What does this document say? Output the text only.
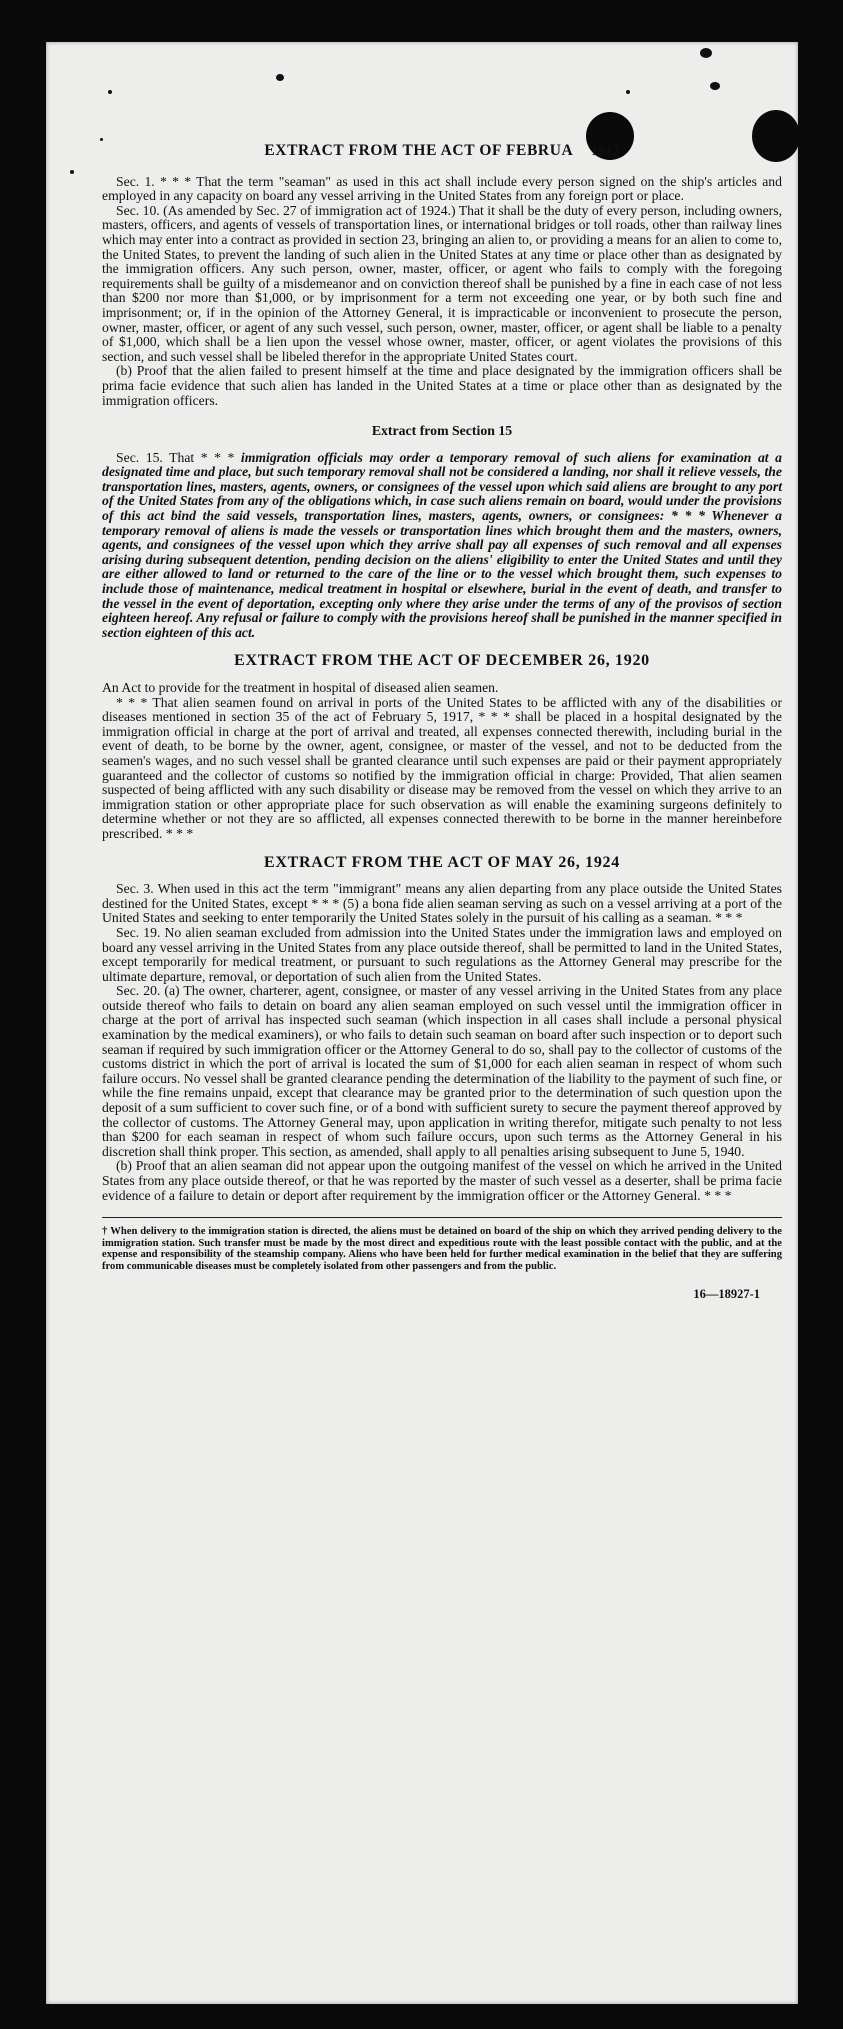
EXTRACT FROM THE ACT OF FEBRUA 1917

Sec. 1. * * * That the term "seaman" as used in this act shall include every person signed on the ship's articles and employed in any capacity on board any vessel arriving in the United States from any foreign port or place.

Sec. 10. (As amended by Sec. 27 of immigration act of 1924.) That it shall be the duty of every person, including owners, masters, officers, and agents of vessels of transportation lines, or international bridges or toll roads, other than railway lines which may enter into a contract as provided in section 23, bringing an alien to, or providing a means for an alien to come to, the United States, to prevent the landing of such alien in the United States at any time or place other than as designated by the immigration officers. Any such person, owner, master, officer, or agent who fails to comply with the foregoing requirements shall be guilty of a misdemeanor and on conviction thereof shall be punished by a fine in each case of not less than $200 nor more than $1,000, or by imprisonment for a term not exceeding one year, or by both such fine and imprisonment; or, if in the opinion of the Attorney General, it is impracticable or inconvenient to prosecute the person, owner, master, officer, or agent of any such vessel, such person, owner, master, officer, or agent shall be liable to a penalty of $1,000, which shall be a lien upon the vessel whose owner, master, officer, or agent violates the provisions of this section, and such vessel shall be libeled therefor in the appropriate United States court.

(b) Proof that the alien failed to present himself at the time and place designated by the immigration officers shall be prima facie evidence that such alien has landed in the United States at a time or place other than as designated by the immigration officers.

Extract from Section 15

Sec. 15. That * * * immigration officials may order a temporary removal of such aliens for examination at a designated time and place, but such temporary removal shall not be considered a landing, nor shall it relieve vessels, the transportation lines, masters, agents, owners, or consignees of the vessel upon which said aliens are brought to any port of the United States from any of the obligations which, in case such aliens remain on board, would under the provisions of this act bind the said vessels, transportation lines, masters, agents, owners, or consignees: * * * Whenever a temporary removal of aliens is made the vessels or transportation lines which brought them and the masters, owners, agents, and consignees of the vessel upon which they arrive shall pay all expenses of such removal and all expenses arising during subsequent detention, pending decision on the aliens' eligibility to enter the United States and until they are either allowed to land or returned to the care of the line or to the vessel which brought them, such expenses to include those of maintenance, medical treatment in hospital or elsewhere, burial in the event of death, and transfer to the vessel in the event of deportation, excepting only where they arise under the terms of any of the provisos of section eighteen hereof. Any refusal or failure to comply with the provisions hereof shall be punished in the manner specified in section eighteen of this act.

EXTRACT FROM THE ACT OF DECEMBER 26, 1920

An Act to provide for the treatment in hospital of diseased alien seamen.

* * * That alien seamen found on arrival in ports of the United States to be afflicted with any of the disabilities or diseases mentioned in section 35 of the act of February 5, 1917, * * * shall be placed in a hospital designated by the immigration official in charge at the port of arrival and treated, all expenses connected therewith, including burial in the event of death, to be borne by the owner, agent, consignee, or master of the vessel, and not to be deducted from the seamen's wages, and no such vessel shall be granted clearance until such expenses are paid or their payment appropriately guaranteed and the collector of customs so notified by the immigration official in charge: Provided, That alien seamen suspected of being afflicted with any such disability or disease may be removed from the vessel on which they arrive to an immigration station or other appropriate place for such observation as will enable the examining surgeons definitely to determine whether or not they are so afflicted, all expenses connected therewith to be borne in the manner hereinbefore prescribed. * * *

EXTRACT FROM THE ACT OF MAY 26, 1924

Sec. 3. When used in this act the term "immigrant" means any alien departing from any place outside the United States destined for the United States, except * * * (5) a bona fide alien seaman serving as such on a vessel arriving at a port of the United States and seeking to enter temporarily the United States solely in the pursuit of his calling as a seaman. * * *

Sec. 19. No alien seaman excluded from admission into the United States under the immigration laws and employed on board any vessel arriving in the United States from any place outside thereof, shall be permitted to land in the United States, except temporarily for medical treatment, or pursuant to such regulations as the Attorney General may prescribe for the ultimate departure, removal, or deportation of such alien from the United States.

Sec. 20. (a) The owner, charterer, agent, consignee, or master of any vessel arriving in the United States from any place outside thereof who fails to detain on board any alien seaman employed on such vessel until the immigration officer in charge at the port of arrival has inspected such seaman (which inspection in all cases shall include a personal physical examination by the medical examiners), or who fails to detain such seaman on board after such inspection or to deport such seaman if required by such immigration officer or the Attorney General to do so, shall pay to the collector of customs of the customs district in which the port of arrival is located the sum of $1,000 for each alien seaman in respect of whom such failure occurs. No vessel shall be granted clearance pending the determination of the liability to the payment of such fine, or while the fine remains unpaid, except that clearance may be granted prior to the determination of such question upon the deposit of a sum sufficient to cover such fine, or of a bond with sufficient surety to secure the payment thereof approved by the collector of customs. The Attorney General may, upon application in writing therefor, mitigate such penalty to not less than $200 for each seaman in respect of whom such failure occurs, upon such terms as the Attorney General in his discretion shall think proper. This section, as amended, shall apply to all penalties arising subsequent to June 5, 1940.

(b) Proof that an alien seaman did not appear upon the outgoing manifest of the vessel on which he arrived in the United States from any place outside thereof, or that he was reported by the master of such vessel as a deserter, shall be prima facie evidence of a failure to detain or deport after requirement by the immigration officer or the Attorney General. * * *

† When delivery to the immigration station is directed, the aliens must be detained on board of the ship on which they arrived pending delivery to the immigration station. Such transfer must be made by the most direct and expeditious route with the least possible contact with the public, and at the expense and responsibility of the steamship company. Aliens who have been held for further medical examination in the belief that they are suffering from communicable diseases must be completely isolated from other passengers and from the public.

16—18927-1
